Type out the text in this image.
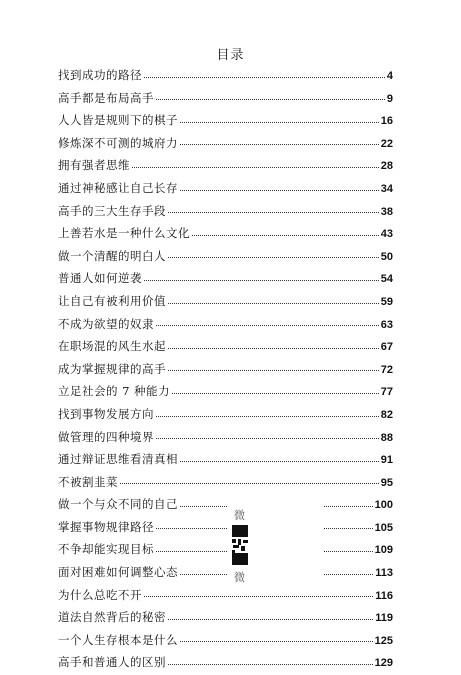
目录
找到成功的路径	4
高手都是布局高手	9
人人皆是规则下的棋子	16
修炼深不可测的城府力	22
拥有强者思维	28
通过神秘感让自己长存	34
高手的三大生存手段	38
上善若水是一种什么文化	43
做一个清醒的明白人	50
普通人如何逆袭	54
让自己有被利用价值	59
不成为欲望的奴隶	63
在职场混的风生水起	67
成为掌握规律的高手	72
立足社会的 7 种能力	77
找到事物发展方向	82
做管理的四种境界	88
通过辩证思维看清真相	91
不被割韭菜	95
做一个与众不同的自己	100
掌握事物规律路径	105
不争却能实现目标	109
面对困难如何调整心态	113
为什么总吃不开	116
道法自然背后的秘密	119
一个人生存根本是什么	125
高手和普通人的区别	129
微
微
